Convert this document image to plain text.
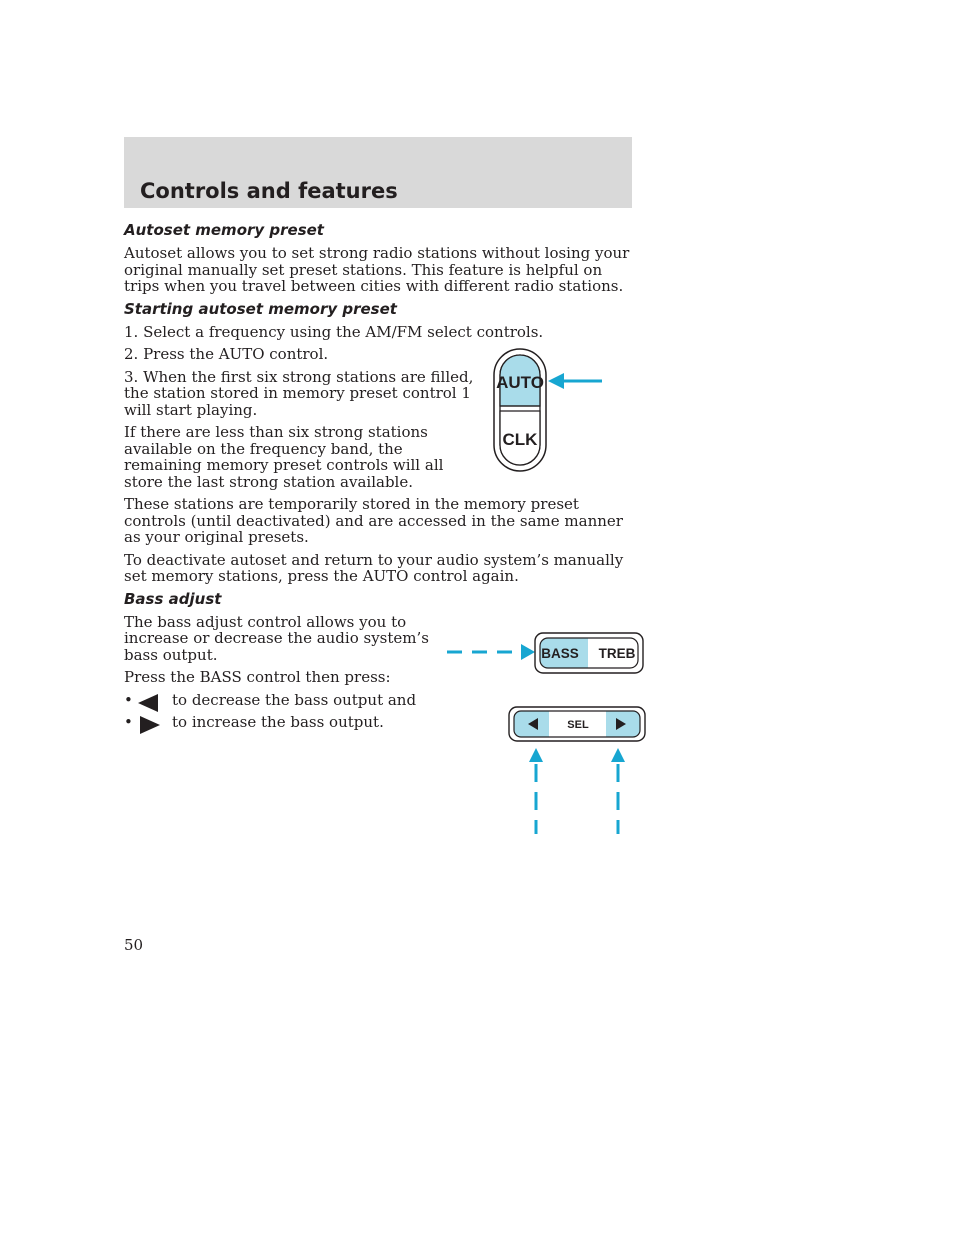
Controls and features
Autoset memory preset

Autoset allows you to set strong radio stations without losing your original manually set preset stations. This feature is helpful on trips when you travel between cities with different radio stations.

Starting autoset memory preset

1. Select a frequency using the AM/FM select controls.

AUTO
CLK

2. Press the AUTO control.

3. When the first six strong stations are filled, the station stored in memory preset control 1 will start playing.

If there are less than six strong stations available on the frequency band, the remaining memory preset controls will all store the last strong station available.

These stations are temporarily stored in the memory preset controls (until deactivated) and are accessed in the same manner as your original presets.

To deactivate autoset and return to your audio system’s manually set memory stations, press the AUTO control again.

Bass adjust
BASS TREB
SEL

The bass adjust control allows you to increase or decrease the audio system’s bass output.

Press the BASS control then press:

•	to decrease the bass output and
•	to increase the bass output.
50
